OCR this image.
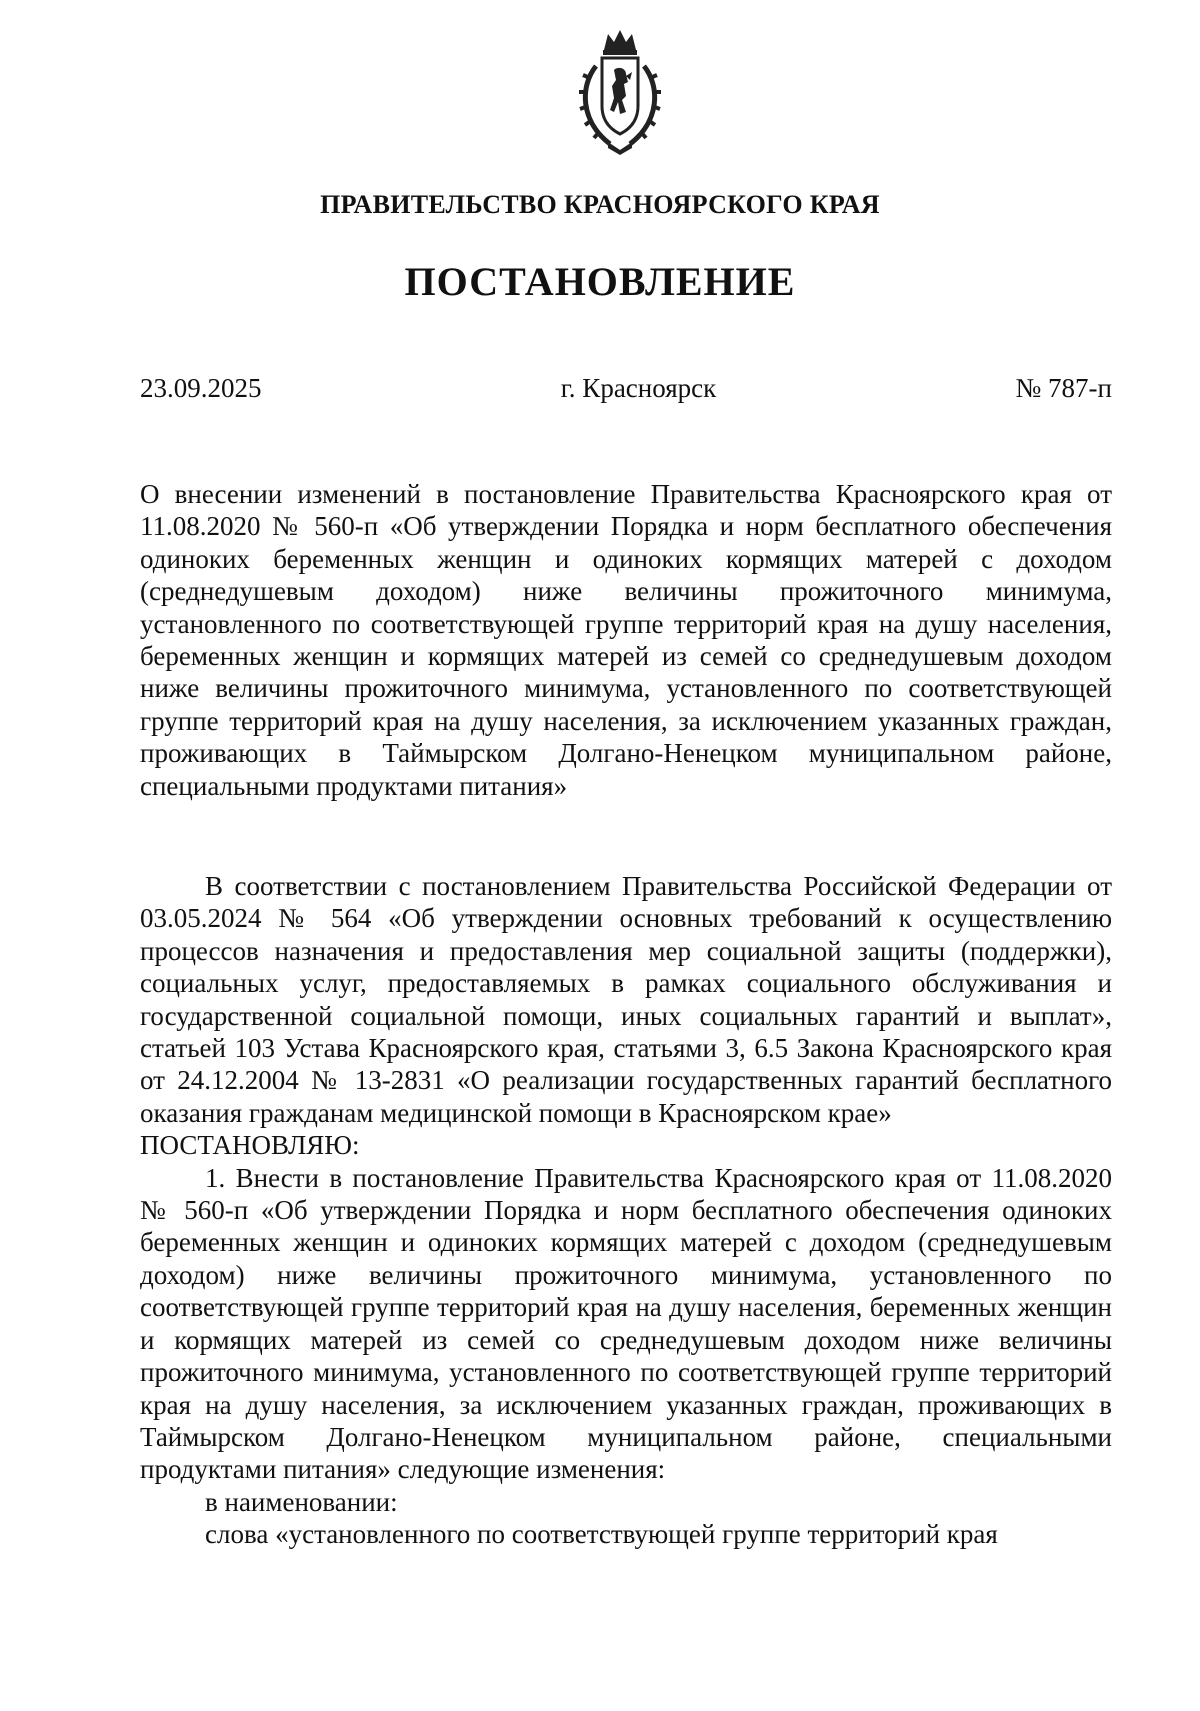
ПРАВИТЕЛЬСТВО КРАСНОЯРСКОГО КРАЯ
ПОСТАНОВЛЕНИЕ
23.09.2025	г. Красноярск	№ 787-п

О внесении изменений в постановление Правительства Красноярского края от 11.08.2020 № 560-п «Об утверждении Порядка и норм бесплатного обеспечения одиноких беременных женщин и одиноких кормящих матерей с доходом (среднедушевым доходом) ниже величины прожиточного минимума, установленного по соответствующей группе территорий края на душу населения, беременных женщин и кормящих матерей из семей со среднедушевым доходом ниже величины прожиточного минимума, установленного по соответствующей группе территорий края на душу населения, за исключением указанных граждан, проживающих в Таймырском Долгано-Ненецком муниципальном районе, специальными продуктами питания»

В соответствии с постановлением Правительства Российской Федерации от 03.05.2024 № 564 «Об утверждении основных требований к осуществлению процессов назначения и предоставления мер социальной защиты (поддержки), социальных услуг, предоставляемых в рамках социального обслуживания и государственной социальной помощи, иных социальных гарантий и выплат», статьей 103 Устава Красноярского края, статьями 3, 6.5 Закона Красноярского края от 24.12.2004 № 13-2831 «О реализации государственных гарантий бесплатного оказания гражданам медицинской помощи в Красноярском крае»

ПОСТАНОВЛЯЮ:

1. Внести в постановление Правительства Красноярского края от 11.08.2020 № 560-п «Об утверждении Порядка и норм бесплатного обеспечения одиноких беременных женщин и одиноких кормящих матерей с доходом (среднедушевым доходом) ниже величины прожиточного минимума, установленного по соответствующей группе территорий края на душу населения, беременных женщин и кормящих матерей из семей со среднедушевым доходом ниже величины прожиточного минимума, установленного по соответствующей группе территорий края на душу населения, за исключением указанных граждан, проживающих в Таймырском Долгано-Ненецком муниципальном районе, специальными продуктами питания» следующие изменения:

в наименовании:

слова «установленного по соответствующей группе территорий края
